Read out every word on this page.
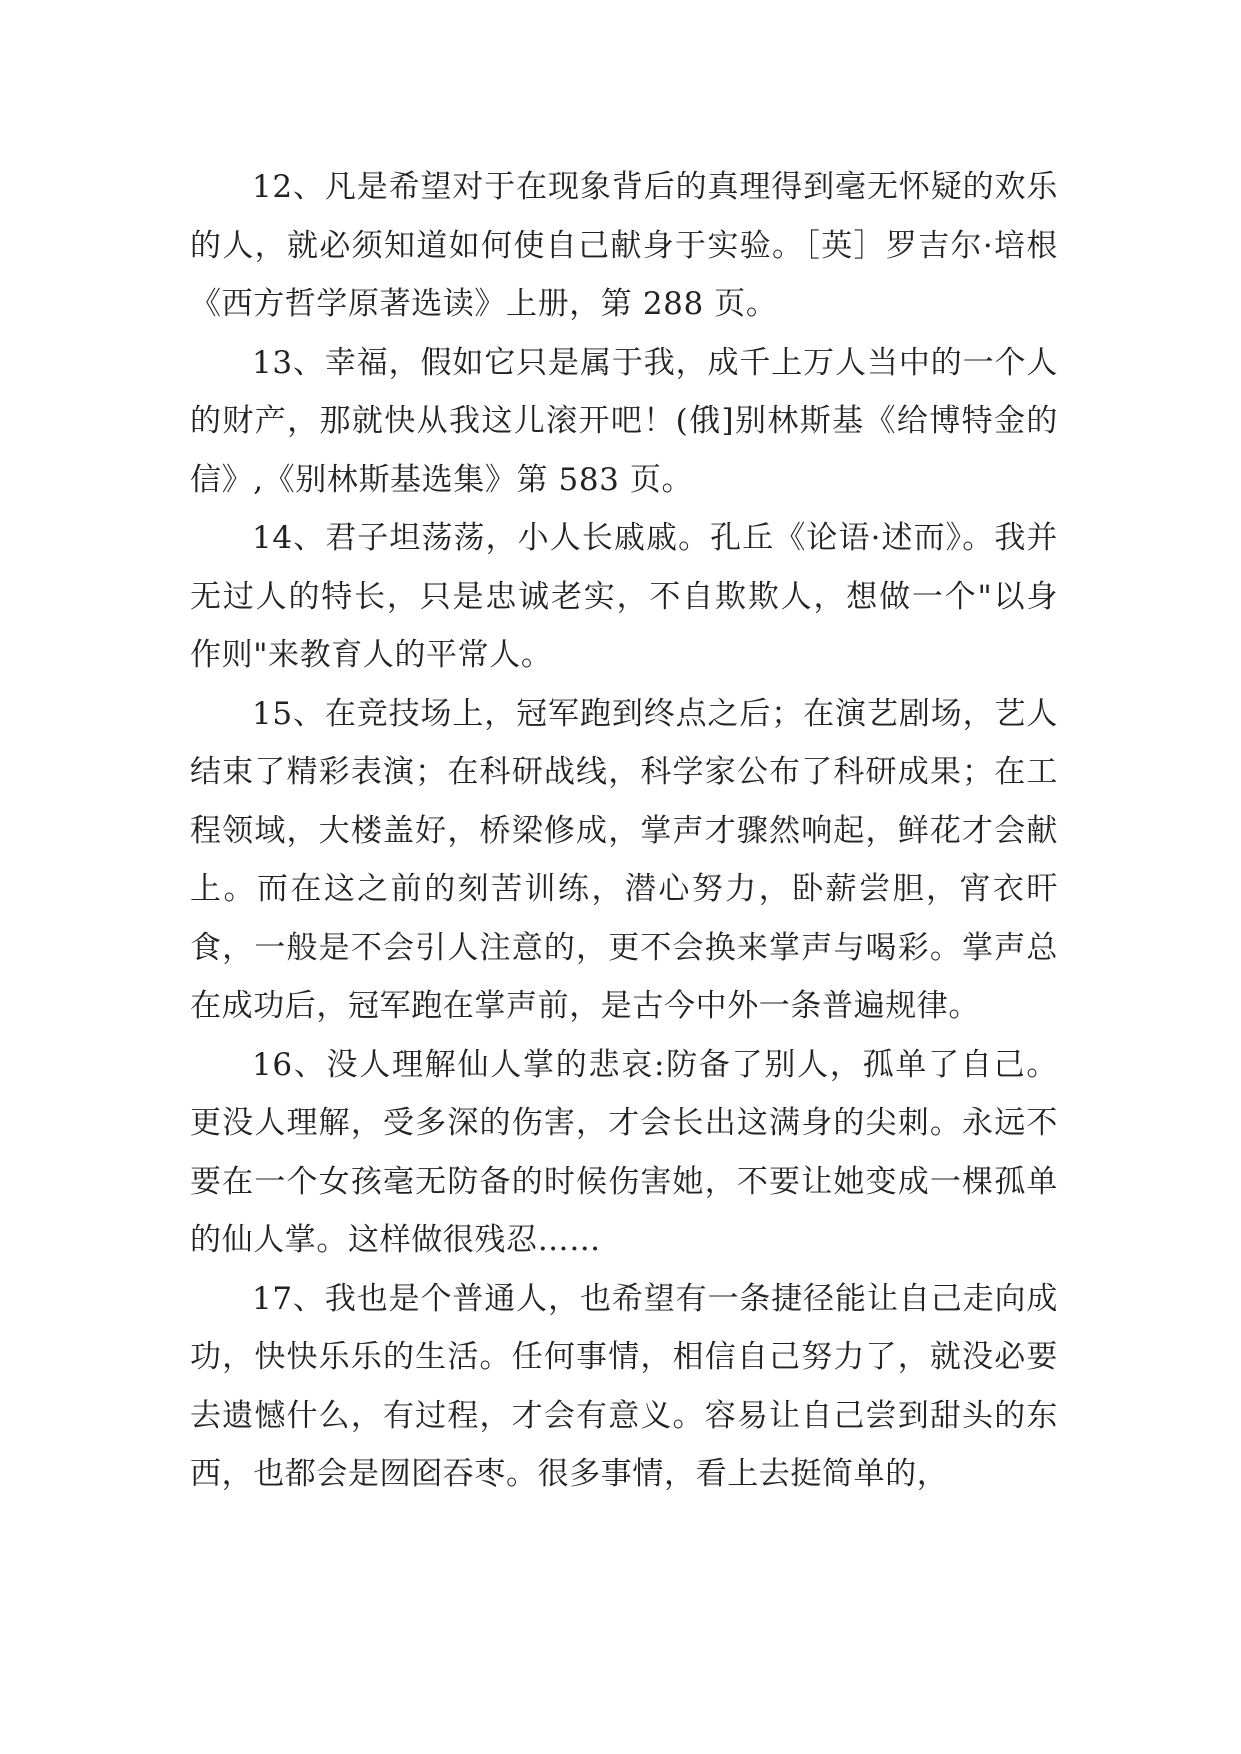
12、凡是希望对于在现象背后的真理得到毫无怀疑的欢乐的人，就必须知道如何使自己献身于实验。［英］罗吉尔·培根《西方哲学原著选读》上册，第 288 页。

13、幸福，假如它只是属于我，成千上万人当中的一个人的财产，那就快从我这儿滚开吧！(俄]别林斯基《给博特金的信》,《别林斯基选集》第 583 页。

14、君子坦荡荡，小人长戚戚。孔丘《论语·述而》。我并无过人的特长，只是忠诚老实，不自欺欺人，想做一个"以身作则"来教育人的平常人。

15、在竞技场上，冠军跑到终点之后；在演艺剧场，艺人结束了精彩表演；在科研战线，科学家公布了科研成果；在工程领域，大楼盖好，桥梁修成，掌声才骤然响起，鲜花才会献上。而在这之前的刻苦训练，潜心努力，卧薪尝胆，宵衣旰食，一般是不会引人注意的，更不会换来掌声与喝彩。掌声总在成功后，冠军跑在掌声前，是古今中外一条普遍规律。

16、没人理解仙人掌的悲哀:防备了别人，孤单了自己。更没人理解，受多深的伤害，才会长出这满身的尖刺。永远不要在一个女孩毫无防备的时候伤害她，不要让她变成一棵孤单的仙人掌。这样做很残忍……

17、我也是个普通人，也希望有一条捷径能让自己走向成功，快快乐乐的生活。任何事情，相信自己努力了，就没必要去遗憾什么，有过程，才会有意义。容易让自己尝到甜头的东西，也都会是囫囵吞枣。很多事情，看上去挺简单的，
